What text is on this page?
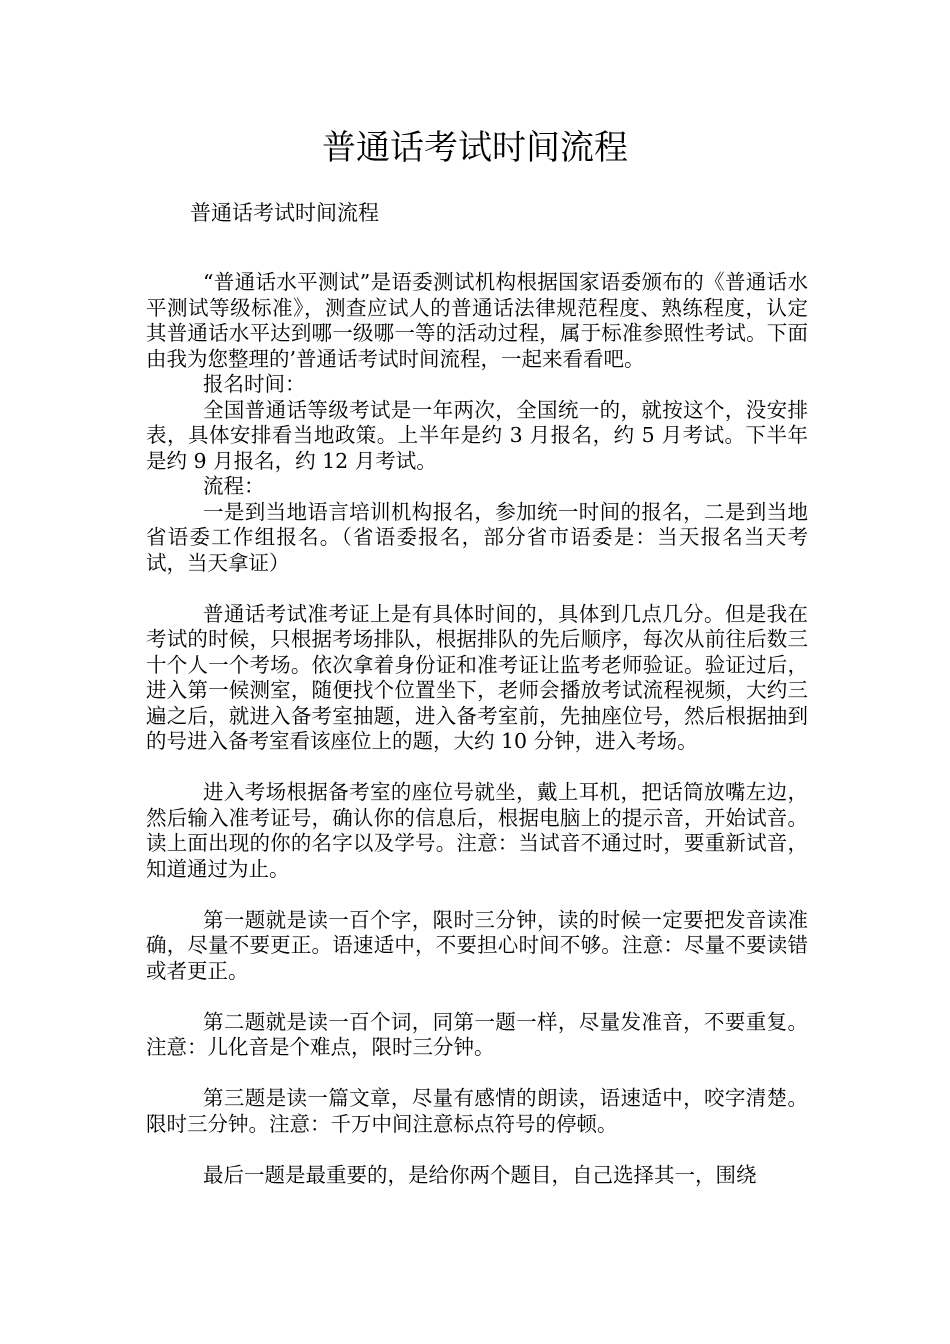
普通话考试时间流程
普通话考试时间流程

“普通话水平测试”是语委测试机构根据国家语委颁布的《普通话水平测试等级标准》，测查应试人的普通话法律规范程度、熟练程度，认定其普通话水平达到哪一级哪一等的活动过程，属于标准参照性考试。下面由我为您整理的’普通话考试时间流程，一起来看看吧。

报名时间：

全国普通话等级考试是一年两次，全国统一的，就按这个，没安排表，具体安排看当地政策。上半年是约 3 月报名，约 5 月考试。下半年是约 9 月报名，约 12 月考试。

流程：

一是到当地语言培训机构报名，参加统一时间的报名，二是到当地省语委工作组报名。（省语委报名，部分省市语委是：当天报名当天考试，当天拿证）

普通话考试准考证上是有具体时间的，具体到几点几分。但是我在考试的时候，只根据考场排队，根据排队的先后顺序，每次从前往后数三十个人一个考场。依次拿着身份证和准考证让监考老师验证。验证过后，进入第一候测室，随便找个位置坐下，老师会播放考试流程视频，大约三遍之后，就进入备考室抽题，进入备考室前，先抽座位号，然后根据抽到的号进入备考室看该座位上的题，大约 10 分钟，进入考场。

进入考场根据备考室的座位号就坐，戴上耳机，把话筒放嘴左边，然后输入准考证号，确认你的信息后，根据电脑上的提示音，开始试音。读上面出现的你的名字以及学号。注意：当试音不通过时，要重新试音，知道通过为止。

第一题就是读一百个字，限时三分钟，读的时候一定要把发音读准确，尽量不要更正。语速适中，不要担心时间不够。注意：尽量不要读错或者更正。

第二题就是读一百个词，同第一题一样，尽量发准音，不要重复。注意：儿化音是个难点，限时三分钟。

第三题是读一篇文章，尽量有感情的朗读，语速适中，咬字清楚。限时三分钟。注意：千万中间注意标点符号的停顿。

最后一题是最重要的，是给你两个题目，自己选择其一，围绕
